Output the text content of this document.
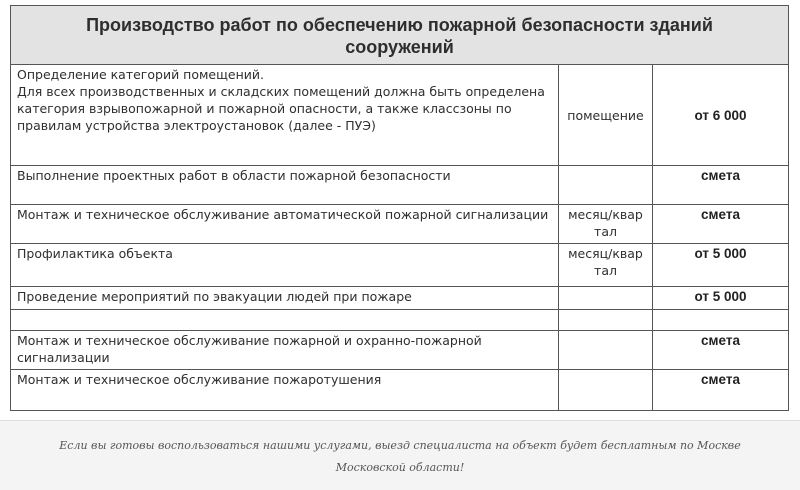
Производство работ по обеспечению пожарной безопасности зданий сооружений		

Определение категорий помещений.
Для всех производственных и складских помещений должна быть определена категория взрывопожарной и пожарной опасности, а также классзоны по правилам устройства электроустановок (далее - ПУЭ)	помещение	от 6 000

Выполнение проектных работ в области пожарной безопасности		смета

Монтаж и техническое обслуживание автоматической пожарной сигнализации	месяц/квартал	смета

Профилактика объекта	месяц/квартал	от 5 000

Проведение мероприятий по эвакуации людей при пожаре		от 5 000

Монтаж и техническое обслуживание пожарной и охранно-пожарной сигнализации		смета

Монтаж и техническое обслуживание пожаротушения		смета

Если вы готовы воспользоваться нашими услугами, выезд специалиста на объект будет бесплатным по Москве Московской области!
